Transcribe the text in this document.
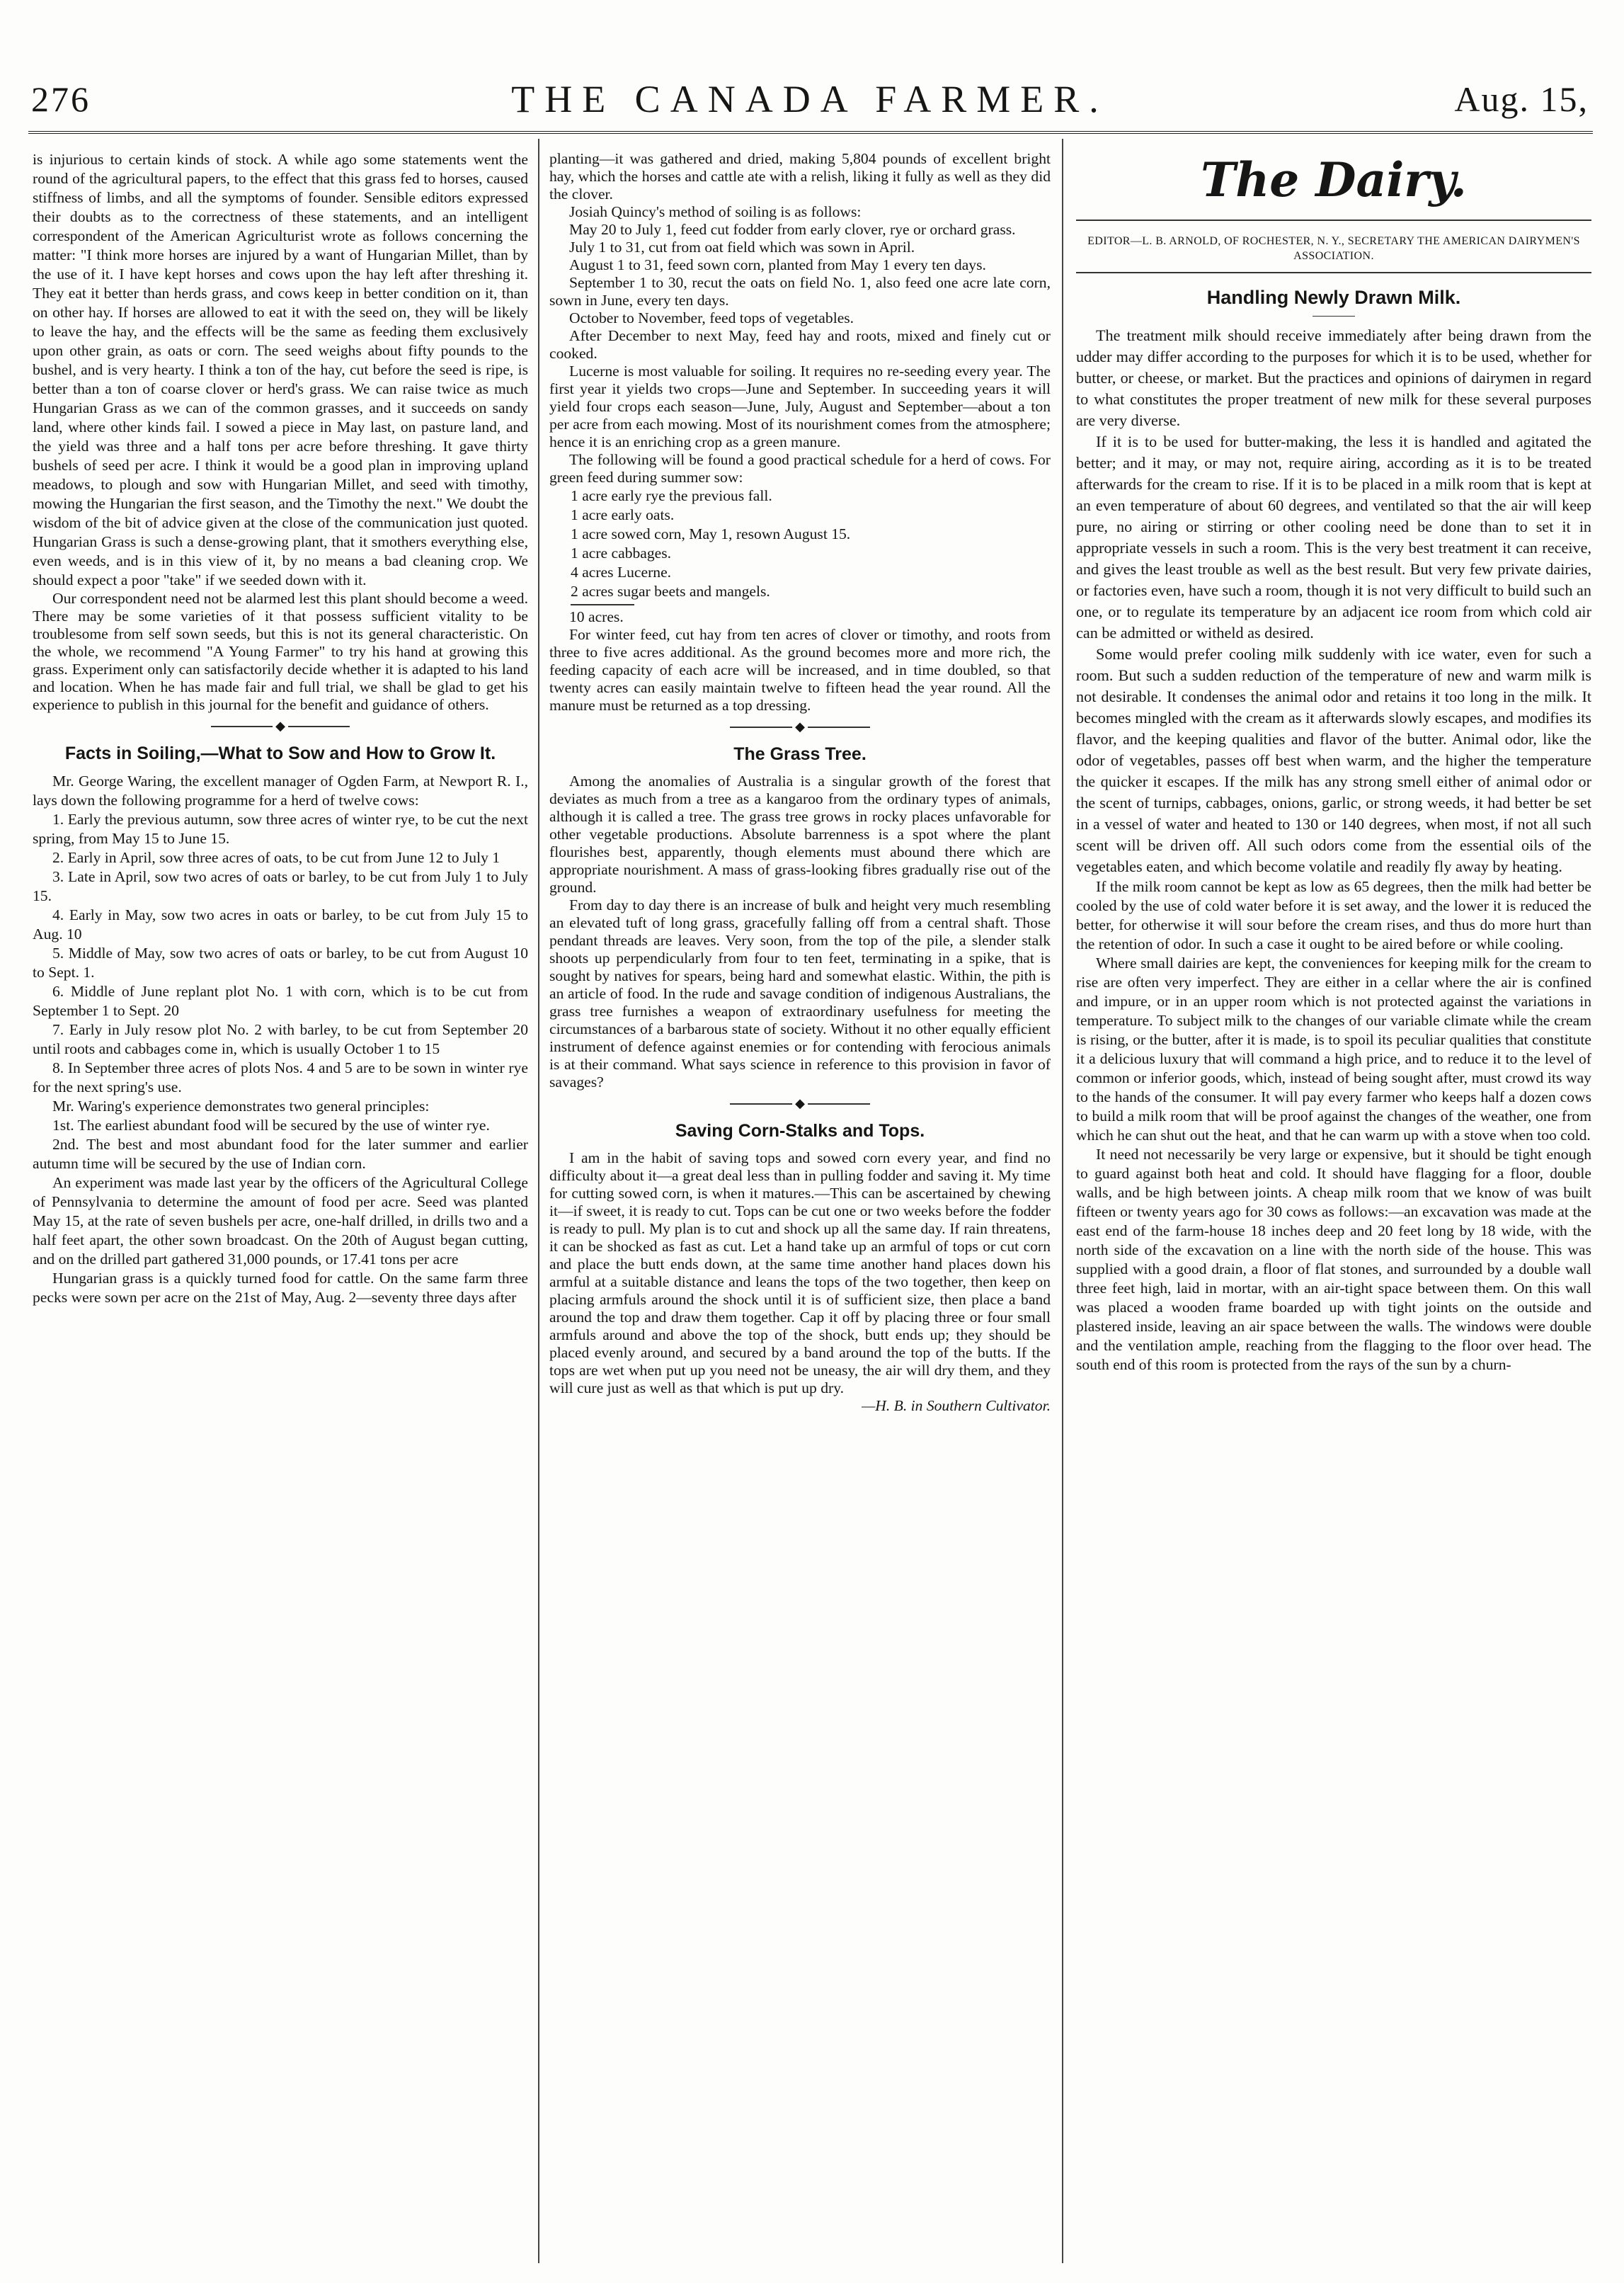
276	THE CANADA FARMER.	Aug. 15,

is injurious to certain kinds of stock. A while ago some statements went the round of the agricultural papers, to the effect that this grass fed to horses, caused stiffness of limbs, and all the symptoms of founder. Sensible editors expressed their doubts as to the correctness of these statements, and an intelligent correspondent of the American Agriculturist wrote as follows concerning the matter: "I think more horses are injured by a want of Hungarian Millet, than by the use of it. I have kept horses and cows upon the hay left after threshing it. They eat it better than herds grass, and cows keep in better condition on it, than on other hay. If horses are allowed to eat it with the seed on, they will be likely to leave the hay, and the effects will be the same as feeding them exclusively upon other grain, as oats or corn. The seed weighs about fifty pounds to the bushel, and is very hearty. I think a ton of the hay, cut before the seed is ripe, is better than a ton of coarse clover or herd's grass. We can raise twice as much Hungarian Grass as we can of the common grasses, and it succeeds on sandy land, where other kinds fail. I sowed a piece in May last, on pasture land, and the yield was three and a half tons per acre before threshing. It gave thirty bushels of seed per acre. I think it would be a good plan in improving upland meadows, to plough and sow with Hungarian Millet, and seed with timothy, mowing the Hungarian the first season, and the Timothy the next." We doubt the wisdom of the bit of advice given at the close of the communication just quoted. Hungarian Grass is such a dense-growing plant, that it smothers everything else, even weeds, and is in this view of it, by no means a bad cleaning crop. We should expect a poor "take" if we seeded down with it.

Our correspondent need not be alarmed lest this plant should become a weed. There may be some varieties of it that possess sufficient vitality to be troublesome from self sown seeds, but this is not its general characteristic. On the whole, we recommend "A Young Farmer" to try his hand at growing this grass. Experiment only can satisfactorily decide whether it is adapted to his land and location. When he has made fair and full trial, we shall be glad to get his experience to publish in this journal for the benefit and guidance of others.

◆
Facts in Soiling,—What to Sow and How to Grow It.

Mr. George Waring, the excellent manager of Ogden Farm, at Newport R. I., lays down the following programme for a herd of twelve cows:

1. Early the previous autumn, sow three acres of winter rye, to be cut the next spring, from May 15 to June 15.

2. Early in April, sow three acres of oats, to be cut from June 12 to July 1

3. Late in April, sow two acres of oats or barley, to be cut from July 1 to July 15.

4. Early in May, sow two acres in oats or barley, to be cut from July 15 to Aug. 10

5. Middle of May, sow two acres of oats or barley, to be cut from August 10 to Sept. 1.

6. Middle of June replant plot No. 1 with corn, which is to be cut from September 1 to Sept. 20

7. Early in July resow plot No. 2 with barley, to be cut from September 20 until roots and cabbages come in, which is usually October 1 to 15

8. In September three acres of plots Nos. 4 and 5 are to be sown in winter rye for the next spring's use.

Mr. Waring's experience demonstrates two general principles:

1st. The earliest abundant food will be secured by the use of winter rye.

2nd. The best and most abundant food for the later summer and earlier autumn time will be secured by the use of Indian corn.

An experiment was made last year by the officers of the Agricultural College of Pennsylvania to determine the amount of food per acre. Seed was planted May 15, at the rate of seven bushels per acre, one-half drilled, in drills two and a half feet apart, the other sown broadcast. On the 20th of August began cutting, and on the drilled part gathered 31,000 pounds, or 17.41 tons per acre

Hungarian grass is a quickly turned food for cattle. On the same farm three pecks were sown per acre on the 21st of May, Aug. 2—seventy three days after

planting—it was gathered and dried, making 5,804 pounds of excellent bright hay, which the horses and cattle ate with a relish, liking it fully as well as they did the clover.

Josiah Quincy's method of soiling is as follows:

May 20 to July 1, feed cut fodder from early clover, rye or orchard grass.

July 1 to 31, cut from oat field which was sown in April.

August 1 to 31, feed sown corn, planted from May 1 every ten days.

September 1 to 30, recut the oats on field No. 1, also feed one acre late corn, sown in June, every ten days.

October to November, feed tops of vegetables.

After December to next May, feed hay and roots, mixed and finely cut or cooked.

Lucerne is most valuable for soiling. It requires no re-seeding every year. The first year it yields two crops—June and September. In succeeding years it will yield four crops each season—June, July, August and September—about a ton per acre from each mowing. Most of its nourishment comes from the atmosphere; hence it is an enriching crop as a green manure.

The following will be found a good practical schedule for a herd of cows. For green feed during summer sow:

1 acre early rye the previous fall.
1 acre early oats.
1 acre sowed corn, May 1, resown August 15.
1 acre cabbages.
4 acres Lucerne.
2 acres sugar beets and mangels.

10 acres.

For winter feed, cut hay from ten acres of clover or timothy, and roots from three to five acres additional. As the ground becomes more and more rich, the feeding capacity of each acre will be increased, and in time doubled, so that twenty acres can easily maintain twelve to fifteen head the year round. All the manure must be returned as a top dressing.

◆
The Grass Tree.

Among the anomalies of Australia is a singular growth of the forest that deviates as much from a tree as a kangaroo from the ordinary types of animals, although it is called a tree. The grass tree grows in rocky places unfavorable for other vegetable productions. Absolute barrenness is a spot where the plant flourishes best, apparently, though elements must abound there which are appropriate nourishment. A mass of grass-looking fibres gradually rise out of the ground.

From day to day there is an increase of bulk and height very much resembling an elevated tuft of long grass, gracefully falling off from a central shaft. Those pendant threads are leaves. Very soon, from the top of the pile, a slender stalk shoots up perpendicularly from four to ten feet, terminating in a spike, that is sought by natives for spears, being hard and somewhat elastic. Within, the pith is an article of food. In the rude and savage condition of indigenous Australians, the grass tree furnishes a weapon of extraordinary usefulness for meeting the circumstances of a barbarous state of society. Without it no other equally efficient instrument of defence against enemies or for contending with ferocious animals is at their command. What says science in reference to this provision in favor of savages?

◆
Saving Corn-Stalks and Tops.

I am in the habit of saving tops and sowed corn every year, and find no difficulty about it—a great deal less than in pulling fodder and saving it. My time for cutting sowed corn, is when it matures.—This can be ascertained by chewing it—if sweet, it is ready to cut. Tops can be cut one or two weeks before the fodder is ready to pull. My plan is to cut and shock up all the same day. If rain threatens, it can be shocked as fast as cut. Let a hand take up an armful of tops or cut corn and place the butt ends down, at the same time another hand places down his armful at a suitable distance and leans the tops of the two together, then keep on placing armfuls around the shock until it is of sufficient size, then place a band around the top and draw them together. Cap it off by placing three or four small armfuls around and above the top of the shock, butt ends up; they should be placed evenly around, and secured by a band around the top of the butts. If the tops are wet when put up you need not be uneasy, the air will dry them, and they will cure just as well as that which is put up dry.

—H. B. in Southern Cultivator.

The Dairy.

EDITOR—L. B. ARNOLD, OF ROCHESTER, N. Y., SECRETARY THE AMERICAN DAIRYMEN'S ASSOCIATION.

Handling Newly Drawn Milk.

The treatment milk should receive immediately after being drawn from the udder may differ according to the purposes for which it is to be used, whether for butter, or cheese, or market. But the practices and opinions of dairymen in regard to what constitutes the proper treatment of new milk for these several purposes are very diverse.

If it is to be used for butter-making, the less it is handled and agitated the better; and it may, or may not, require airing, according as it is to be treated afterwards for the cream to rise. If it is to be placed in a milk room that is kept at an even temperature of about 60 degrees, and ventilated so that the air will keep pure, no airing or stirring or other cooling need be done than to set it in appropriate vessels in such a room. This is the very best treatment it can receive, and gives the least trouble as well as the best result. But very few private dairies, or factories even, have such a room, though it is not very difficult to build such an one, or to regulate its temperature by an adjacent ice room from which cold air can be admitted or witheld as desired.

Some would prefer cooling milk suddenly with ice water, even for such a room. But such a sudden reduction of the temperature of new and warm milk is not desirable. It condenses the animal odor and retains it too long in the milk. It becomes mingled with the cream as it afterwards slowly escapes, and modifies its flavor, and the keeping qualities and flavor of the butter. Animal odor, like the odor of vegetables, passes off best when warm, and the higher the temperature the quicker it escapes. If the milk has any strong smell either of animal odor or the scent of turnips, cabbages, onions, garlic, or strong weeds, it had better be set in a vessel of water and heated to 130 or 140 degrees, when most, if not all such scent will be driven off. All such odors come from the essential oils of the vegetables eaten, and which become volatile and readily fly away by heating.

If the milk room cannot be kept as low as 65 degrees, then the milk had better be cooled by the use of cold water before it is set away, and the lower it is reduced the better, for otherwise it will sour before the cream rises, and thus do more hurt than the retention of odor. In such a case it ought to be aired before or while cooling.

Where small dairies are kept, the conveniences for keeping milk for the cream to rise are often very imperfect. They are either in a cellar where the air is confined and impure, or in an upper room which is not protected against the variations in temperature. To subject milk to the changes of our variable climate while the cream is rising, or the butter, after it is made, is to spoil its peculiar qualities that constitute it a delicious luxury that will command a high price, and to reduce it to the level of common or inferior goods, which, instead of being sought after, must crowd its way to the hands of the consumer. It will pay every farmer who keeps half a dozen cows to build a milk room that will be proof against the changes of the weather, one from which he can shut out the heat, and that he can warm up with a stove when too cold.

It need not necessarily be very large or expensive, but it should be tight enough to guard against both heat and cold. It should have flagging for a floor, double walls, and be high between joints. A cheap milk room that we know of was built fifteen or twenty years ago for 30 cows as follows:—an excavation was made at the east end of the farm-house 18 inches deep and 20 feet long by 18 wide, with the north side of the excavation on a line with the north side of the house. This was supplied with a good drain, a floor of flat stones, and surrounded by a double wall three feet high, laid in mortar, with an air-tight space between them. On this wall was placed a wooden frame boarded up with tight joints on the outside and plastered inside, leaving an air space between the walls. The windows were double and the ventilation ample, reaching from the flagging to the floor over head. The south end of this room is protected from the rays of the sun by a churn-
